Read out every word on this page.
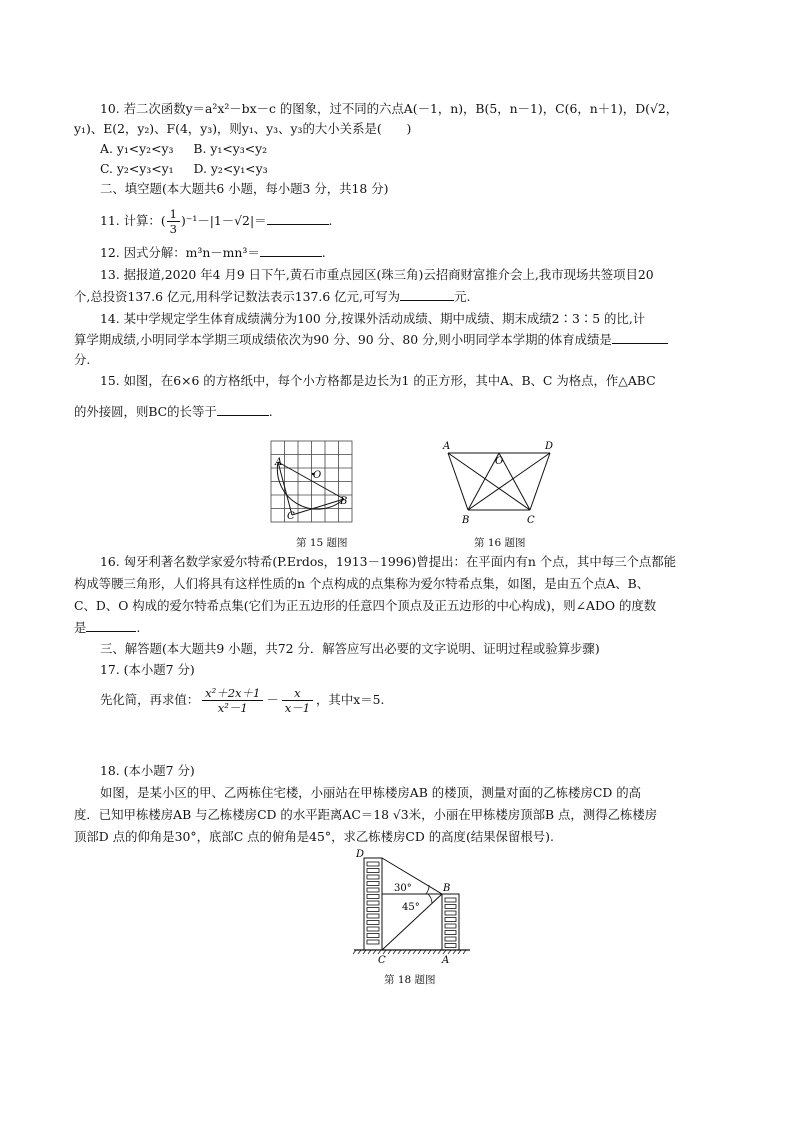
10. 若二次函数y＝a²x²－bx－c 的图象，过不同的六点A(－1，n)，B(5，n－1)，C(6，n＋1)，D(√2，
y₁)、E(2，y₂)、F(4，y₃)，则y₁、y₃、y₃的大小关系是(　　)
A. y₁<y₂<y₃ B. y₁<y₃<y₂
C. y₂<y₃<y₁ D. y₂<y₁<y₃
二、填空题(本大题共6 小题，每小题3 分，共18 分)
11. 计算：( $\frac{1}{3} )^{-1}-|1-√2|=$	.
12. 因式分解：m³n－mn³＝	.
13. 据报道,2020 年4 月9 日下午,黄石市重点园区(珠三角)云招商财富推介会上,我市现场共签项目20
个,总投资137.6 亿元,用科学记数法表示137.6 亿元,可写为	元.
14. 某中学规定学生体育成绩满分为100 分,按课外活动成绩、期中成绩、期末成绩2∶3∶5 的比,计
算学期成绩,小明同学本学期三项成绩依次为90 分、90 分、80 分,则小明同学本学期的体育成绩是
分.
15. 如图，在6×6 的方格纸中，每个小方格都是边长为1 的正方形，其中A、B、C 为格点，作△ABC
的外接圆，则BC的长等于	.
A
O
B
C
第 15 题图
A
O
D
B	C
第 16 题图
16. 匈牙利著名数学家爱尔特希(P.Erdos，1913－1996)曾提出：在平面内有n 个点，其中每三个点都能
构成等腰三角形，人们将具有这样性质的n 个点构成的点集称为爱尔特希点集，如图，是由五个点A、B、
C、D、O 构成的爱尔特希点集(它们为正五边形的任意四个顶点及正五边形的中心构成)，则∠ADO 的度数
是	.
三、解答题(本大题共9 小题，共72 分．解答应写出必要的文字说明、证明过程或验算步骤)
17. (本小题7 分)
先化简，再求值： $\frac{\text{x²＋2x＋1}}{\text{x²－1}} - \frac{x}{x-1}$ ，其中x＝5.
18. (本小题7 分)
如图，是某小区的甲、乙两栋住宅楼，小丽站在甲栋楼房AB 的楼顶，测量对面的乙栋楼房CD 的高
度．已知甲栋楼房AB 与乙栋楼房CD 的水平距离AC＝18 √3米，小丽在甲栋楼房顶部B 点，测得乙栋楼房
顶部D 点的仰角是30°，底部C 点的俯角是45°，求乙栋楼房CD 的高度(结果保留根号).
30°
45°
D
B
C	A
第 18 题图
